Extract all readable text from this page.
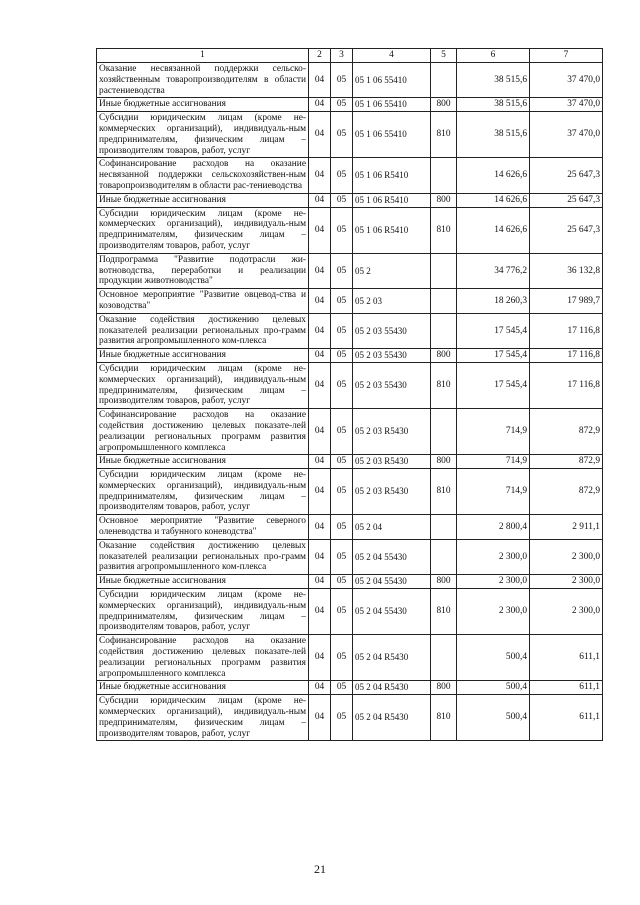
1	2	3	4	5	6	7
Оказание несвязанной поддержки сельско-хозяйственным товаропроизводителям в области растениеводства	04	05	05 1 06 55410		38 515,6	37 470,0
Иные бюджетные ассигнования	04	05	05 1 06 55410	800	38 515,6	37 470,0
Субсидии юридическим лицам (кроме не-коммерческих организаций), индивидуаль-ным предпринимателям, физическим лицам – производителям товаров, работ, услуг	04	05	05 1 06 55410	810	38 515,6	37 470,0
Софинансирование расходов на оказание несвязанной поддержки сельскохозяйствен-ным товаропроизводителям в области рас-тениеводства	04	05	05 1 06 R5410		14 626,6	25 647,3
Иные бюджетные ассигнования	04	05	05 1 06 R5410	800	14 626,6	25 647,3
Субсидии юридическим лицам (кроме не-коммерческих организаций), индивидуаль-ным предпринимателям, физическим лицам – производителям товаров, работ, услуг	04	05	05 1 06 R5410	810	14 626,6	25 647,3
Подпрограмма "Развитие подотрасли жи-вотноводства, переработки и реализации продукции животноводства"	04	05	05 2		34 776,2	36 132,8
Основное мероприятие "Развитие овцевод-ства и козоводства"	04	05	05 2 03		18 260,3	17 989,7
Оказание содействия достижению целевых показателей реализации региональных про-грамм развития агропромышленного ком-плекса	04	05	05 2 03 55430		17 545,4	17 116,8
Иные бюджетные ассигнования	04	05	05 2 03 55430	800	17 545,4	17 116,8
Субсидии юридическим лицам (кроме не-коммерческих организаций), индивидуаль-ным предпринимателям, физическим лицам – производителям товаров, работ, услуг	04	05	05 2 03 55430	810	17 545,4	17 116,8
Софинансирование расходов на оказание содействия достижению целевых показате-лей реализации региональных программ развития агропромышленного комплекса	04	05	05 2 03 R5430		714,9	872,9
Иные бюджетные ассигнования	04	05	05 2 03 R5430	800	714,9	872,9
Субсидии юридическим лицам (кроме не-коммерческих организаций), индивидуаль-ным предпринимателям, физическим лицам – производителям товаров, работ, услуг	04	05	05 2 03 R5430	810	714,9	872,9
Основное мероприятие "Развитие северного оленеводства и табунного коневодства"	04	05	05 2 04		2 800,4	2 911,1
Оказание содействия достижению целевых показателей реализации региональных про-грамм развития агропромышленного ком-плекса	04	05	05 2 04 55430		2 300,0	2 300,0
Иные бюджетные ассигнования	04	05	05 2 04 55430	800	2 300,0	2 300,0
Субсидии юридическим лицам (кроме не-коммерческих организаций), индивидуаль-ным предпринимателям, физическим лицам – производителям товаров, работ, услуг	04	05	05 2 04 55430	810	2 300,0	2 300,0
Софинансирование расходов на оказание содействия достижению целевых показате-лей реализации региональных программ развития агропромышленного комплекса	04	05	05 2 04 R5430		500,4	611,1
Иные бюджетные ассигнования	04	05	05 2 04 R5430	800	500,4	611,1
Субсидии юридическим лицам (кроме не-коммерческих организаций), индивидуаль-ным предпринимателям, физическим лицам – производителям товаров, работ, услуг	04	05	05 2 04 R5430	810	500,4	611,1
21
